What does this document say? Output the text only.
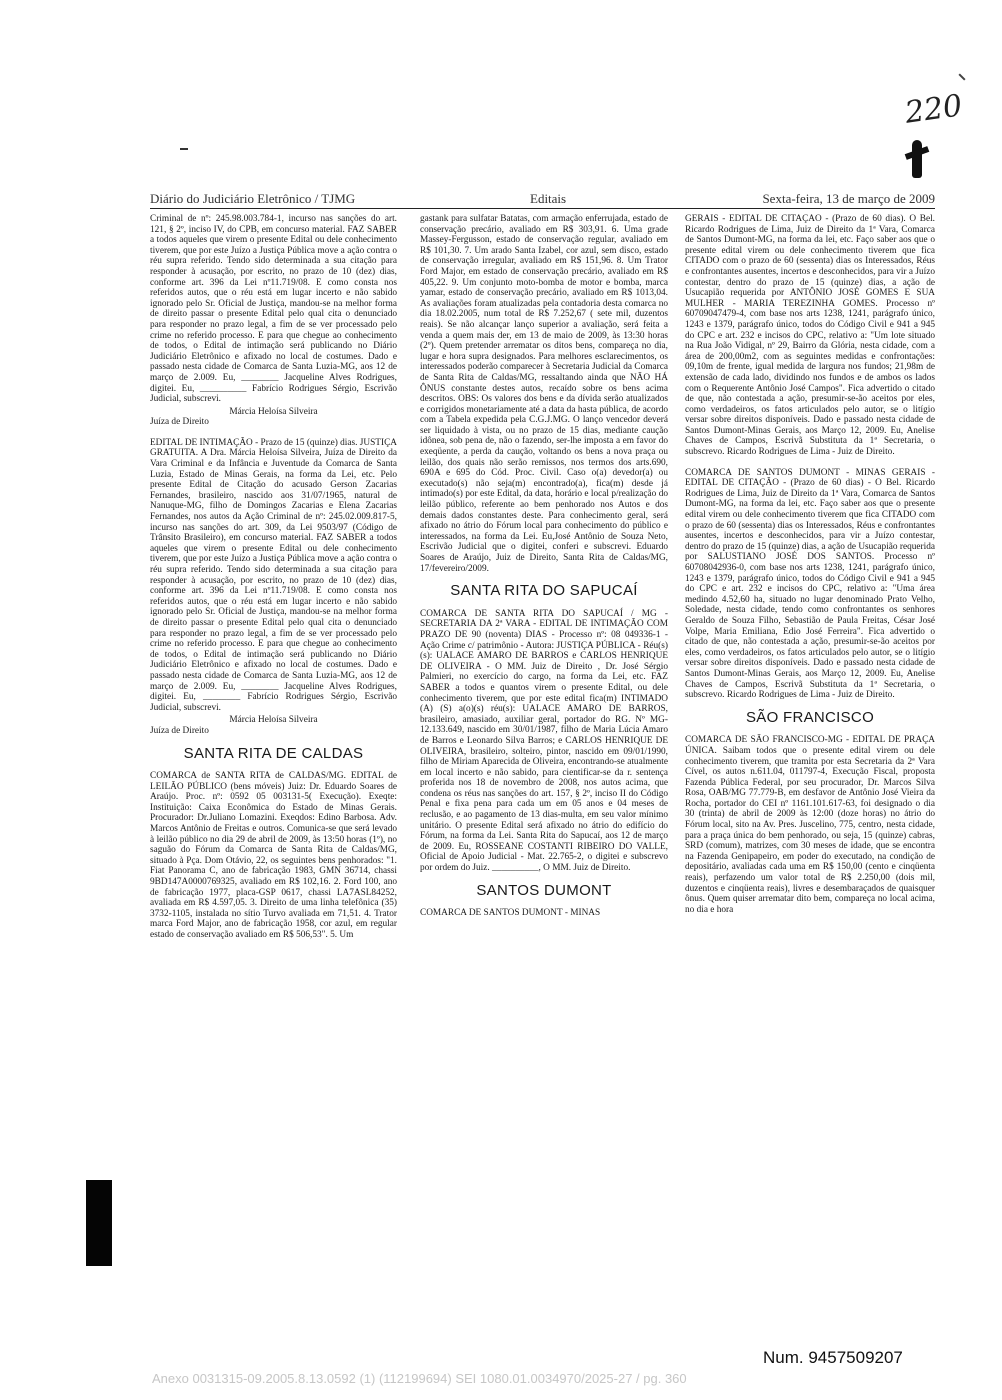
220
Diário do Judiciário Eletrônico / TJMG	Editais	Sexta-feira, 13 de março de 2009

Criminal de nº: 245.98.003.784-1, incurso nas sanções do art. 121, § 2º, inciso IV, do CPB, em concurso material. FAZ SABER a todos aqueles que virem o presente Edital ou dele conhecimento tiverem, que por este Juízo a Justiça Pública move a ação contra o réu supra referido. Tendo sido determinada a sua citação para responder à acusação, por escrito, no prazo de 10 (dez) dias, conforme art. 396 da Lei nº11.719/08. E como consta nos referidos autos, que o réu está em lugar incerto e não sabido ignorado pelo Sr. Oficial de Justiça, mandou-se na melhor forma de direito passar o presente Edital pelo qual cita o denunciado para responder no prazo legal, a fim de se ver processado pelo crime no referido processo. E para que chegue ao conhecimento de todos, o Edital de intimação será publicando no Diário Judiciário Eletrônico e afixado no local de costumes. Dado e passado nesta cidade de Comarca de Santa Luzia-MG, aos 12 de março de 2.009. Eu, ________ Jacqueline Alves Rodrigues, digitei. Eu, __________ Fabrício Rodrigues Sérgio, Escrivão Judicial, subscrevi.

Márcia Heloísa Silveira

Juíza de Direito

EDITAL DE INTIMAÇÃO - Prazo de 15 (quinze) dias. JUSTIÇA GRATUITA. A Dra. Márcia Heloísa Silveira, Juíza de Direito da Vara Criminal e da Infância e Juventude da Comarca de Santa Luzia, Estado de Minas Gerais, na forma da Lei, etc. Pelo presente Edital de Citação do acusado Gerson Zacarias Fernandes, brasileiro, nascido aos 31/07/1965, natural de Nanuque-MG, filho de Domingos Zacarias e Elena Zacarias Fernandes, nos autos da Ação Criminal de nº: 245.02.009.817-5, incurso nas sanções do art. 309, da Lei 9503/97 (Código de Trânsito Brasileiro), em concurso material. FAZ SABER a todos aqueles que virem o presente Edital ou dele conhecimento tiverem, que por este Juízo a Justiça Pública move a ação contra o réu supra referido. Tendo sido determinada a sua citação para responder à acusação, por escrito, no prazo de 10 (dez) dias, conforme art. 396 da Lei nº11.719/08. E como consta nos referidos autos, que o réu está em lugar incerto e não sabido ignorado pelo Sr. Oficial de Justiça, mandou-se na melhor forma de direito passar o presente Edital pelo qual cita o denunciado para responder no prazo legal, a fim de se ver processado pelo crime no referido processo. E para que chegue ao conhecimento de todos, o Edital de intimação será publicando no Diário Judiciário Eletrônico e afixado no local de costumes. Dado e passado nesta cidade de Comarca de Santa Luzia-MG, aos 12 de março de 2.009. Eu, ________ Jacqueline Alves Rodrigues, digitei. Eu, ________ Fabrício Rodrigues Sérgio, Escrivão Judicial, subscrevi.

Márcia Heloísa Silveira

Juíza de Direito

SANTA RITA DE CALDAS

COMARCA de SANTA RITA de CALDAS/MG. EDITAL de LEILÃO PÚBLICO (bens móveis) Juiz: Dr. Eduardo Soares de Araújo. Proc. nº: 0592 05 003131-5( Execução). Exeqte: Instituição: Caixa Econômica do Estado de Minas Gerais. Procurador: Dr.Juliano Lomazini. Exeqdos: Edino Barbosa. Adv. Marcos Antônio de Freitas e outros. Comunica-se que será levado à leilão público no dia 29 de abril de 2009, às 13:50 horas (1º), no saguão do Fórum da Comarca de Santa Rita de Caldas/MG, situado à Pça. Dom Otávio, 22, os seguintes bens penhorados: "1. Fiat Panorama C, ano de fabricação 1983, GMN 36714, chassi 9BD147A0000769325, avaliado em R$ 102,16. 2. Ford 100, ano de fabricação 1977, placa-GSP 0617, chassi LA7ASL84252, avaliada em R$ 4.597,05. 3. Direito de uma linha telefônica (35) 3732-1105, instalada no sítio Turvo avaliada em 71,51. 4. Trator marca Ford Major, ano de fabricação 1958, cor azul, em regular estado de conservação avaliado em R$ 506,53". 5. Um

gastank para sulfatar Batatas, com armação enferrujada, estado de conservação precário, avaliado em R$ 303,91. 6. Uma grade Massey-Fergusson, estado de conservação regular, avaliado em R$ 101,30. 7. Um arado Santa Izabel, cor azul, sem disco, estado de conservação irregular, avaliado em R$ 151,96. 8. Um Trator Ford Major, em estado de conservação precário, avaliado em R$ 405,22. 9. Um conjunto moto-bomba de motor e bomba, marca yamar, estado de conservação precário, avaliado em R$ 1013,04. As avaliações foram atualizadas pela contadoria desta comarca no dia 18.02.2005, num total de R$ 7.252,67 ( sete mil, duzentos reais). Se não alcançar lanço superior a avaliação, será feita a venda a quem mais der, em 13 de maio de 2009, às 13:30 horas (2º). Quem pretender arrematar os ditos bens, compareça no dia, lugar e hora supra designados. Para melhores esclarecimentos, os interessados poderão comparecer à Secretaria Judicial da Comarca de Santa Rita de Caldas/MG, ressaltando ainda que NÃO HÁ ÔNUS constante destes autos, recaído sobre os bens acima descritos. OBS: Os valores dos bens e da dívida serão atualizados e corrigidos monetariamente até a data da hasta pública, de acordo com a Tabela expedida pela C.G.J.MG. O lanço vencedor deverá ser liquidado à vista, ou no prazo de 15 dias, mediante caução idônea, sob pena de, não o fazendo, ser-lhe imposta a em favor do exeqüente, a perda da caução, voltando os bens a nova praça ou leilão, dos quais não serão remissos, nos termos dos arts.690, 690A e 695 do Cód. Proc. Civil. Caso o(a) devedor(a) ou executado(s) não seja(m) encontrado(a), fica(m) desde já intimado(s) por este Edital, da data, horário e local p/realização do leilão público, referente ao bem penhorado nos Autos e dos demais dados constantes deste. Para conhecimento geral, será afixado no átrio do Fórum local para conhecimento do público e interessados, na forma da Lei. Eu,José Antônio de Souza Neto, Escrivão Judicial que o digitei, conferi e subscrevi. Eduardo Soares de Araújo, Juiz de Direito, Santa Rita de Caldas/MG, 17/fevereiro/2009.

SANTA RITA DO SAPUCAÍ

COMARCA DE SANTA RITA DO SAPUCAÍ / MG - SECRETARIA DA 2ª VARA - EDITAL DE INTIMAÇÃO COM PRAZO DE 90 (noventa) DIAS - Processo nº: 08 049336-1 - Ação Crime c/ patrimônio - Autora: JUSTIÇA PÚBLICA - Réu(s)(s): UALACE AMARO DE BARROS e CARLOS HENRIQUE DE OLIVEIRA - O MM. Juiz de Direito , Dr. José Sérgio Palmieri, no exercício do cargo, na forma da Lei, etc. FAZ SABER a todos e quantos virem o presente Edital, ou dele conhecimento tiverem, que por este edital fica(m) INTIMADO (A) (S) a(o)(s) réu(s): UALACE AMARO DE BARROS, brasileiro, amasiado, auxiliar geral, portador do RG. Nº MG-12.133.649, nascido em 30/01/1987, filho de Maria Lúcia Amaro de Barros e Leonardo Silva Barros; e CARLOS HENRIQUE DE OLIVEIRA, brasileiro, solteiro, pintor, nascido em 09/01/1990, filho de Miriam Aparecida de Oliveira, encontrando-se atualmente em local incerto e não sabido, para cientificar-se da r. sentença proferida nos 18 de novembro de 2008, nos autos acima, que condena os réus nas sanções do art. 157, § 2º, inciso II do Código Penal e fixa pena para cada um em 05 anos e 04 meses de reclusão, e ao pagamento de 13 dias-multa, em seu valor mínimo unitário. O presente Edital será afixado no átrio do edifício do Fórum, na forma da Lei. Santa Rita do Sapucaí, aos 12 de março de 2009. Eu, ROSSEANE COSTANTI RIBEIRO DO VALLE, Oficial de Apoio Judicial - Mat. 22.765-2, o digitei e subscrevo por ordem do Juiz. __________, O MM. Juiz de Direito.

SANTOS DUMONT

COMARCA DE SANTOS DUMONT - MINAS

GERAIS - EDITAL DE CITAÇÃO - (Prazo de 60 dias). O Bel. Ricardo Rodrigues de Lima, Juiz de Direito da 1ª Vara, Comarca de Santos Dumont-MG, na forma da lei, etc. Faço saber aos que o presente edital virem ou dele conhecimento tiverem que fica CITADO com o prazo de 60 (sessenta) dias os Interessados, Réus e confrontantes ausentes, incertos e desconhecidos, para vir a Juízo contestar, dentro do prazo de 15 (quinze) dias, a ação de Usucapião requerida por ANTÔNIO JOSÉ GOMES E SUA MULHER - MARIA TEREZINHA GOMES. Processo nº 60709047479-4, com base nos arts 1238, 1241, parágrafo único, 1243 e 1379, parágrafo único, todos do Código Civil e 941 a 945 do CPC e art. 232 e incisos do CPC, relativo a: "Um lote situado na Rua João Vidigal, nº 29, Bairro da Glória, nesta cidade, com a área de 200,00m2, com as seguintes medidas e confrontações: 09,10m de frente, igual medida de largura nos fundos; 21,98m de extensão de cada lado, dividindo nos fundos e de ambos os lados com o Requerente Antônio José Campos". Fica advertido o citado de que, não contestada a ação, presumir-se-ão aceitos por eles, como verdadeiros, os fatos articulados pelo autor, se o litígio versar sobre direitos disponíveis. Dado e passado nesta cidade de Santos Dumont-Minas Gerais, aos Março 12, 2009. Eu, Anelise Chaves de Campos, Escrivã Substituta da 1ª Secretaria, o subscrevo. Ricardo Rodrigues de Lima - Juiz de Direito.

COMARCA DE SANTOS DUMONT - MINAS GERAIS - EDITAL DE CITAÇÃO - (Prazo de 60 dias) - O Bel. Ricardo Rodrigues de Lima, Juiz de Direito da 1ª Vara, Comarca de Santos Dumont-MG, na forma da lei, etc. Faço saber aos que o presente edital virem ou dele conhecimento tiverem que fica CITADO com o prazo de 60 (sessenta) dias os Interessados, Réus e confrontantes ausentes, incertos e desconhecidos, para vir a Juízo contestar, dentro do prazo de 15 (quinze) dias, a ação de Usucapião requerida por SALUSTIANO JOSÉ DOS SANTOS. Processo nº 60708042936-0, com base nos arts 1238, 1241, parágrafo único, 1243 e 1379, parágrafo único, todos do Código Civil e 941 a 945 do CPC e art. 232 e incisos do CPC, relativo a: "Uma área medindo 4.52,60 ha, situado no lugar denominado Prato Velho, Soledade, nesta cidade, tendo como confrontantes os senhores Geraldo de Souza Filho, Sebastião de Paula Freitas, César José Volpe, Maria Emiliana, Edio José Ferreira". Fica advertido o citado de que, não contestada a ação, presumir-se-ão aceitos por eles, como verdadeiros, os fatos articulados pelo autor, se o litígio versar sobre direitos disponíveis. Dado e passado nesta cidade de Santos Dumont-Minas Gerais, aos Março 12, 2009. Eu, Anelise Chaves de Campos, Escrivã Substituta da 1ª Secretaria, o subscrevo. Ricardo Rodrigues de Lima - Juiz de Direito.

SÃO FRANCISCO

COMARCA DE SÃO FRANCISCO-MG - EDITAL DE PRAÇA ÚNICA. Saibam todos que o presente edital virem ou dele conhecimento tiverem, que tramita por esta Secretaria da 2ª Vara Cível, os autos n.611.04, 011797-4, Execução Fiscal, proposta Fazenda Pública Federal, por seu procurador, Dr. Marcos Silva Rosa, OAB/MG 77.779-B, em desfavor de Antônio José Vieira da Rocha, portador do CEI nº 1161.101.617-63, foi designado o dia 30 (trinta) de abril de 2009 às 12:00 (doze horas) no átrio do Fórum local, sito na Av. Pres. Juscelino, 775, centro, nesta cidade, para a praça única do bem penhorado, ou seja, 15 (quinze) cabras, SRD (comum), matrizes, com 30 meses de idade, que se encontra na Fazenda Genipapeiro, em poder do executado, na condição de depositário, avaliadas cada uma em R$ 150,00 (cento e cinqüenta reais), perfazendo um valor total de R$ 2.250,00 (dois mil, duzentos e cinqüenta reais), livres e desembaraçados de quaisquer ônus. Quem quiser arrematar dito bem, compareça no local acima, no dia e hora

Num. 9457509207
Anexo 0031315-09.2005.8.13.0592 (1) (112199694) SEI 1080.01.0034970/2025-27 / pg. 360
